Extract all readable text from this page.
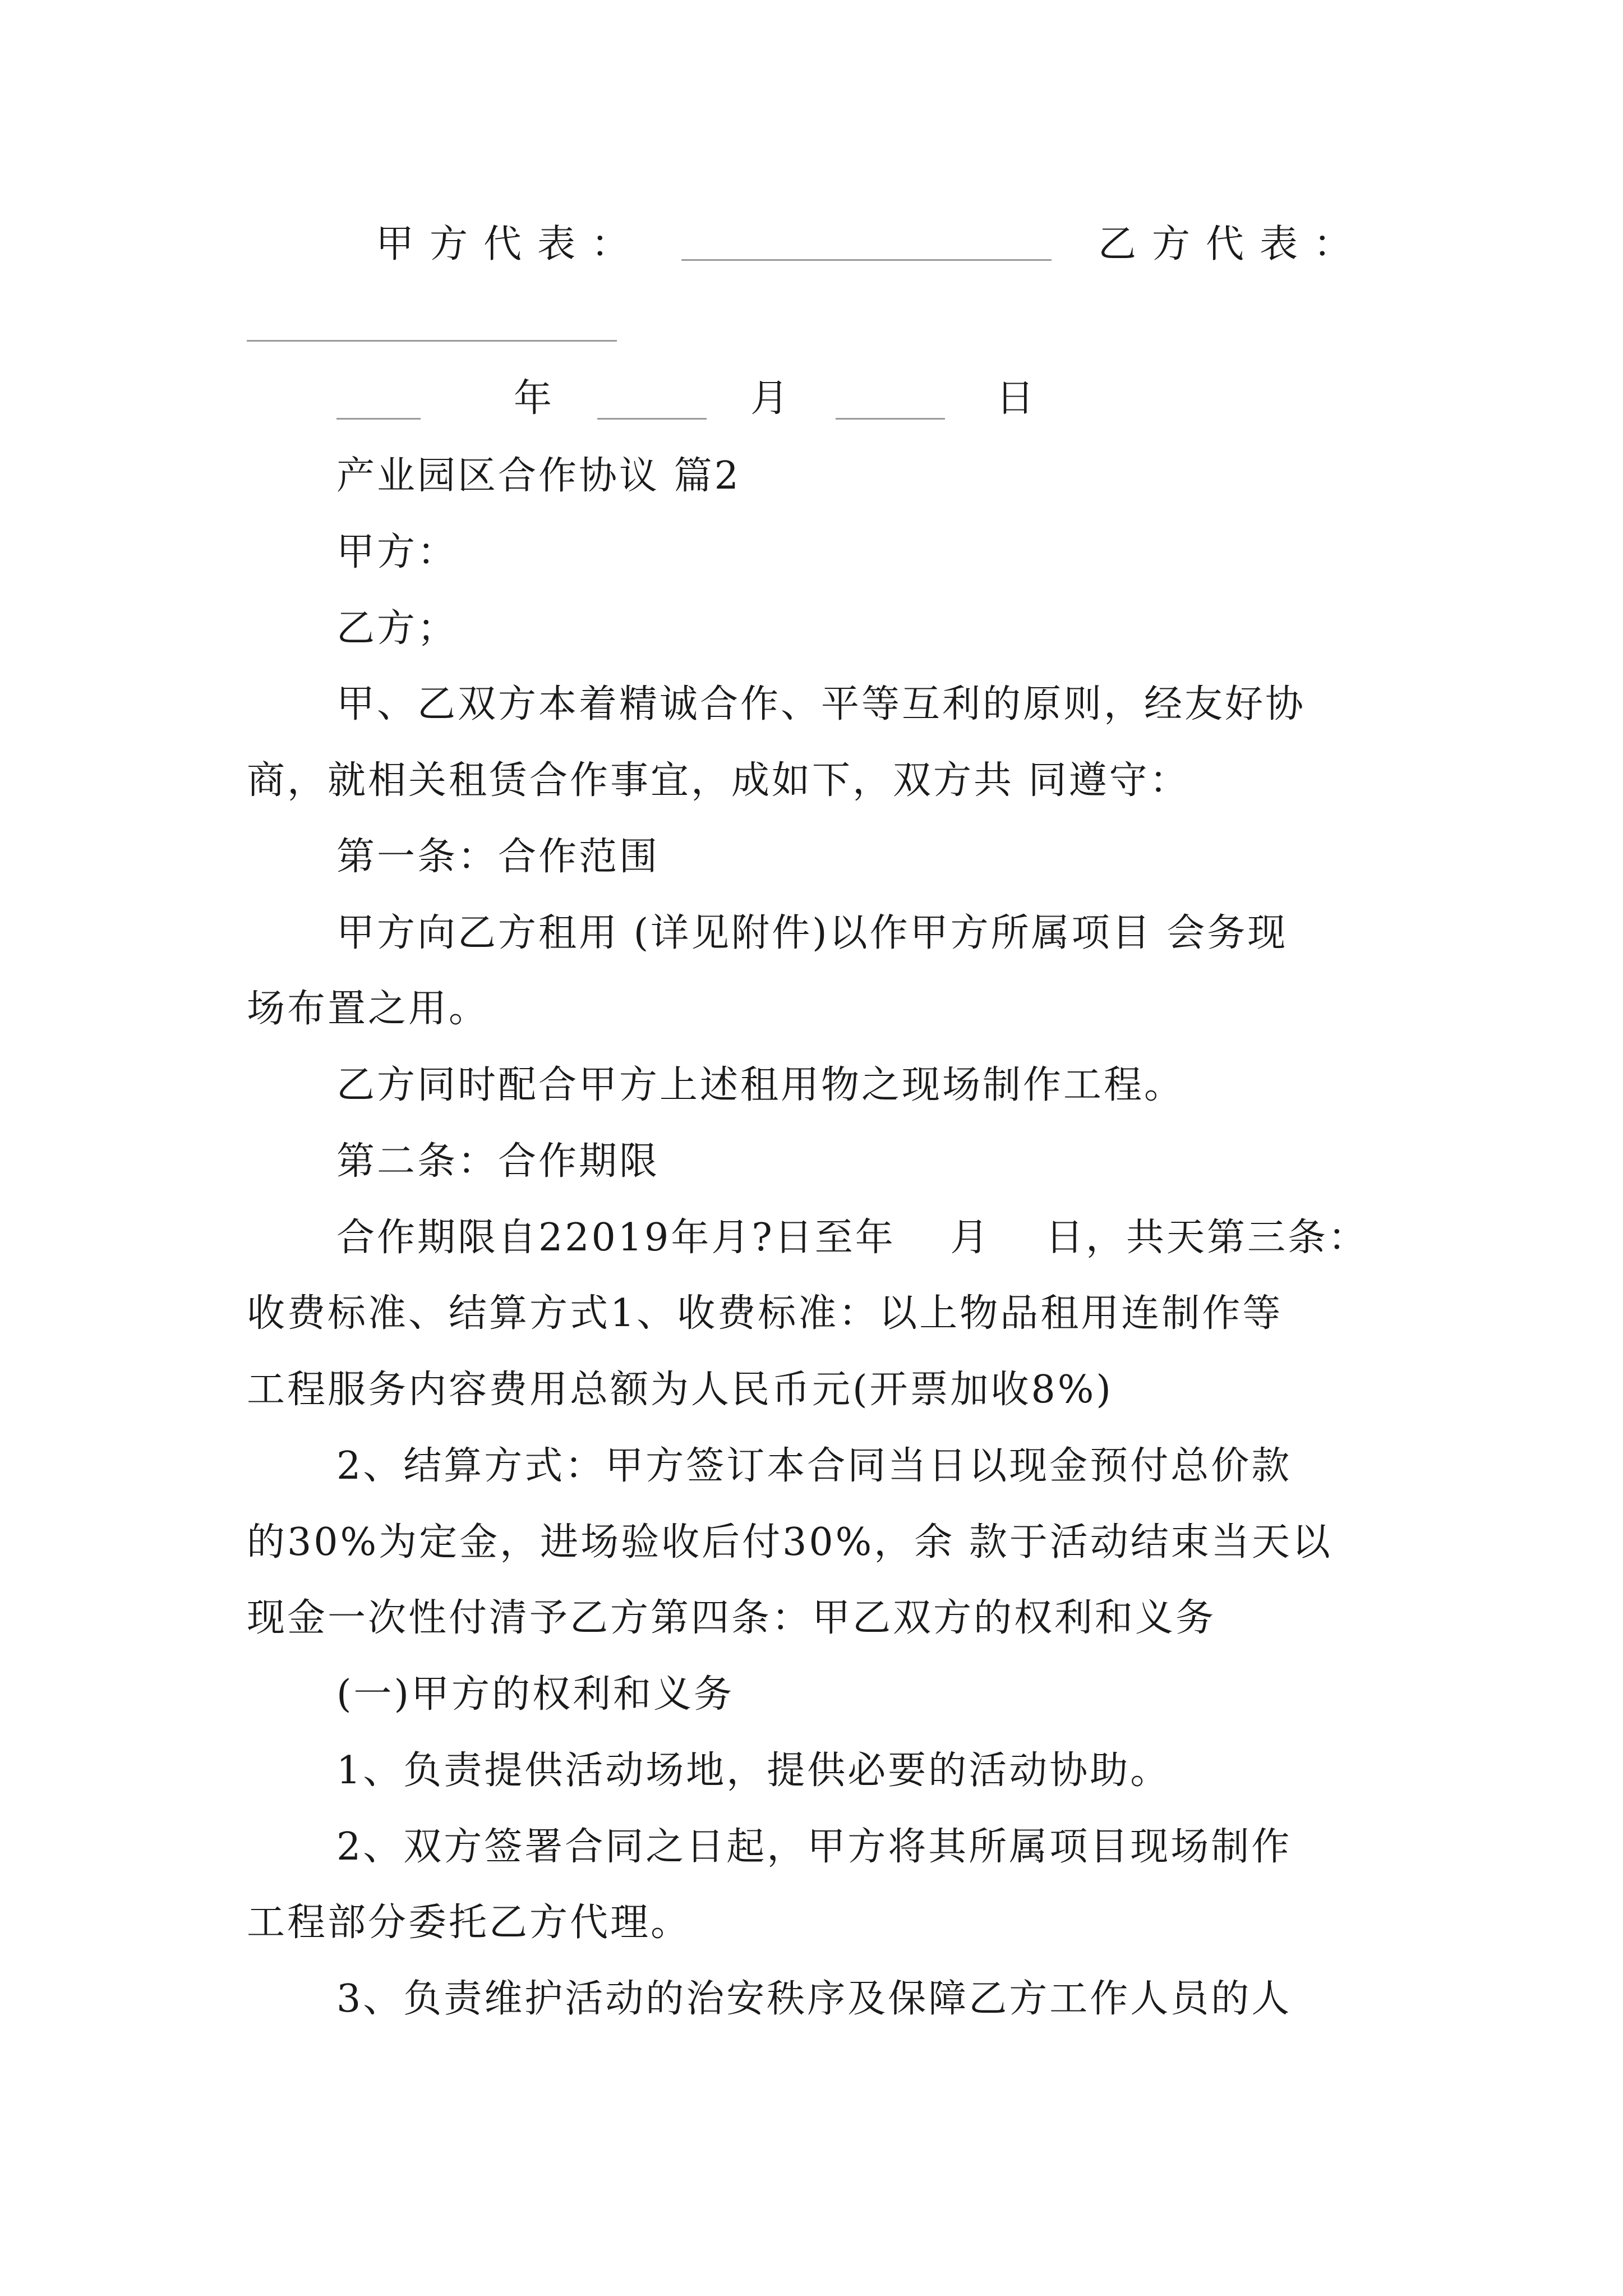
甲方代表：	乙方代表：
年	月	日
产业园区合作协议 篇2
甲方：
乙方；
甲、乙双方本着精诚合作、平等互利的原则，经友好协
商，就相关租赁合作事宜，成如下，双方共 同遵守：
第一条：合作范围
甲方向乙方租用 (详见附件)以作甲方所属项目 会务现
场布置之用。
乙方同时配合甲方上述租用物之现场制作工程。
第二条：合作期限
合作期限自22019年月?日至年　 月　 日，共天第三条：
收费标准、结算方式1、收费标准：以上物品租用连制作等
工程服务内容费用总额为人民币元(开票加收8%)
2、结算方式：甲方签订本合同当日以现金预付总价款
的30%为定金，进场验收后付30%，余 款于活动结束当天以
现金一次性付清予乙方第四条：甲乙双方的权利和义务
(一)甲方的权利和义务
1、负责提供活动场地，提供必要的活动协助。
2、双方签署合同之日起，甲方将其所属项目现场制作
工程部分委托乙方代理。
3、负责维护活动的治安秩序及保障乙方工作人员的人
